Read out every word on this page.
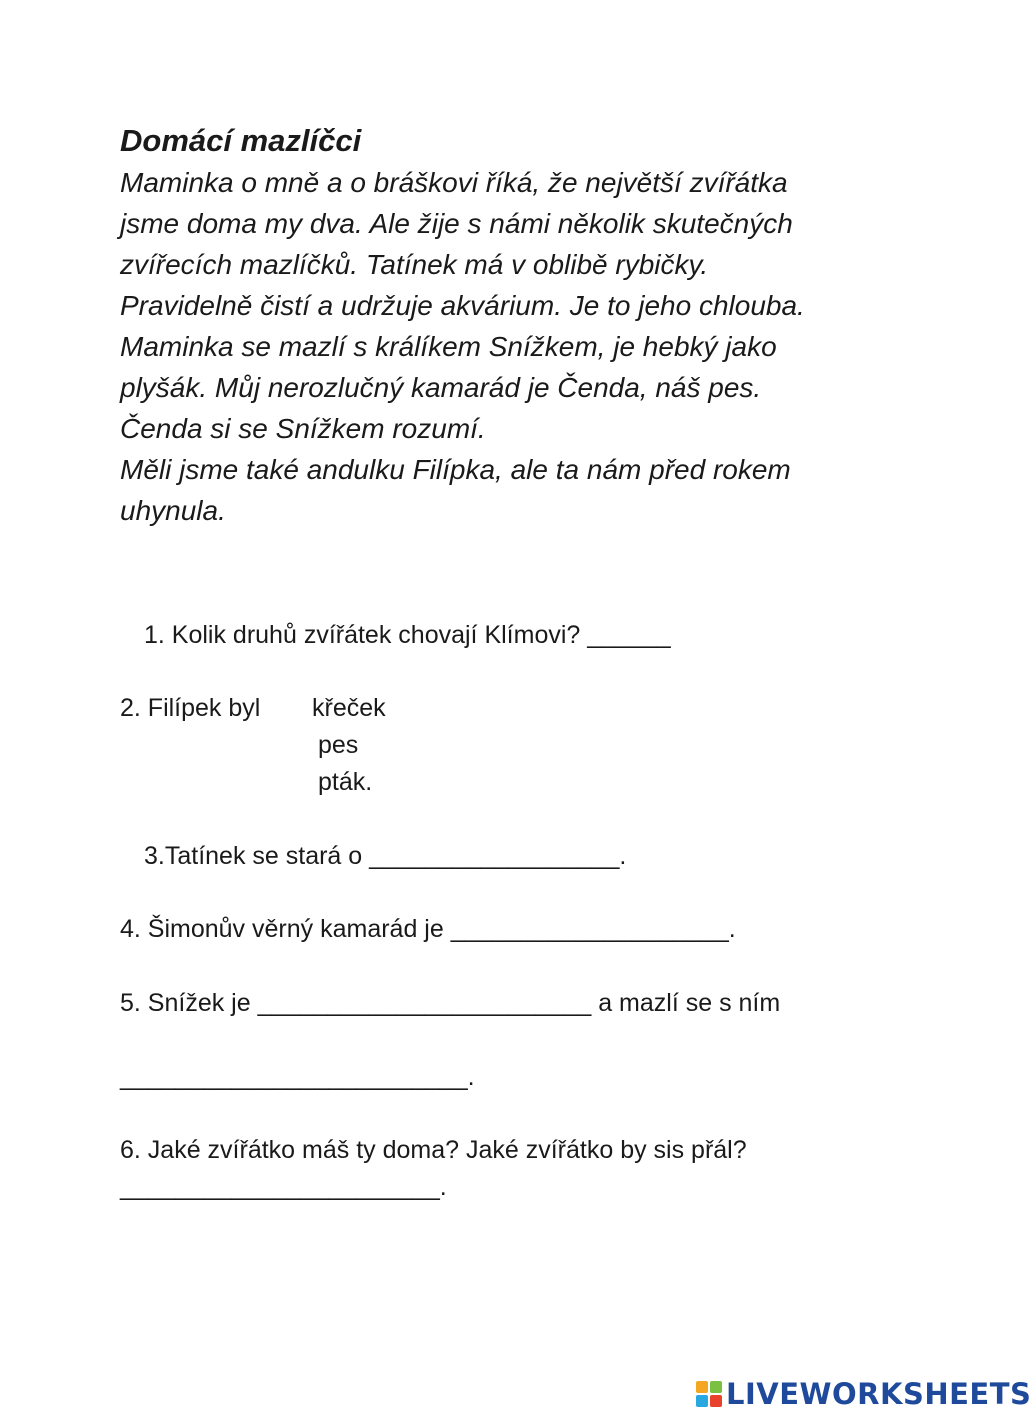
Domácí mazlíčci
Maminka o mně a o bráškovi říká, že největší zvířátka
jsme doma my dva. Ale žije s námi několik skutečných
zvířecích mazlíčků. Tatínek má v oblibě rybičky.
Pravidelně čistí a udržuje akvárium. Je to jeho chlouba.
Maminka se mazlí s králíkem Snížkem, je hebký jako
plyšák. Můj nerozlučný kamarád je Čenda, náš pes.
Čenda si se Snížkem rozumí.
Měli jsme také andulku Filípka, ale ta nám před rokem
uhynula.
1. Kolik druhů zvířátek chovají Klímovi? ______
2. Filípek byl křeček
pes
pták.
3.Tatínek se stará o __________________.
4. Šimonův věrný kamarád je ____________________.
5. Snížek je ________________________ a mazlí se s ním
_________________________.
6. Jaké zvířátko máš ty doma? Jaké zvířátko by sis přál?
_______________________.
LIVEWORKSHEETS
